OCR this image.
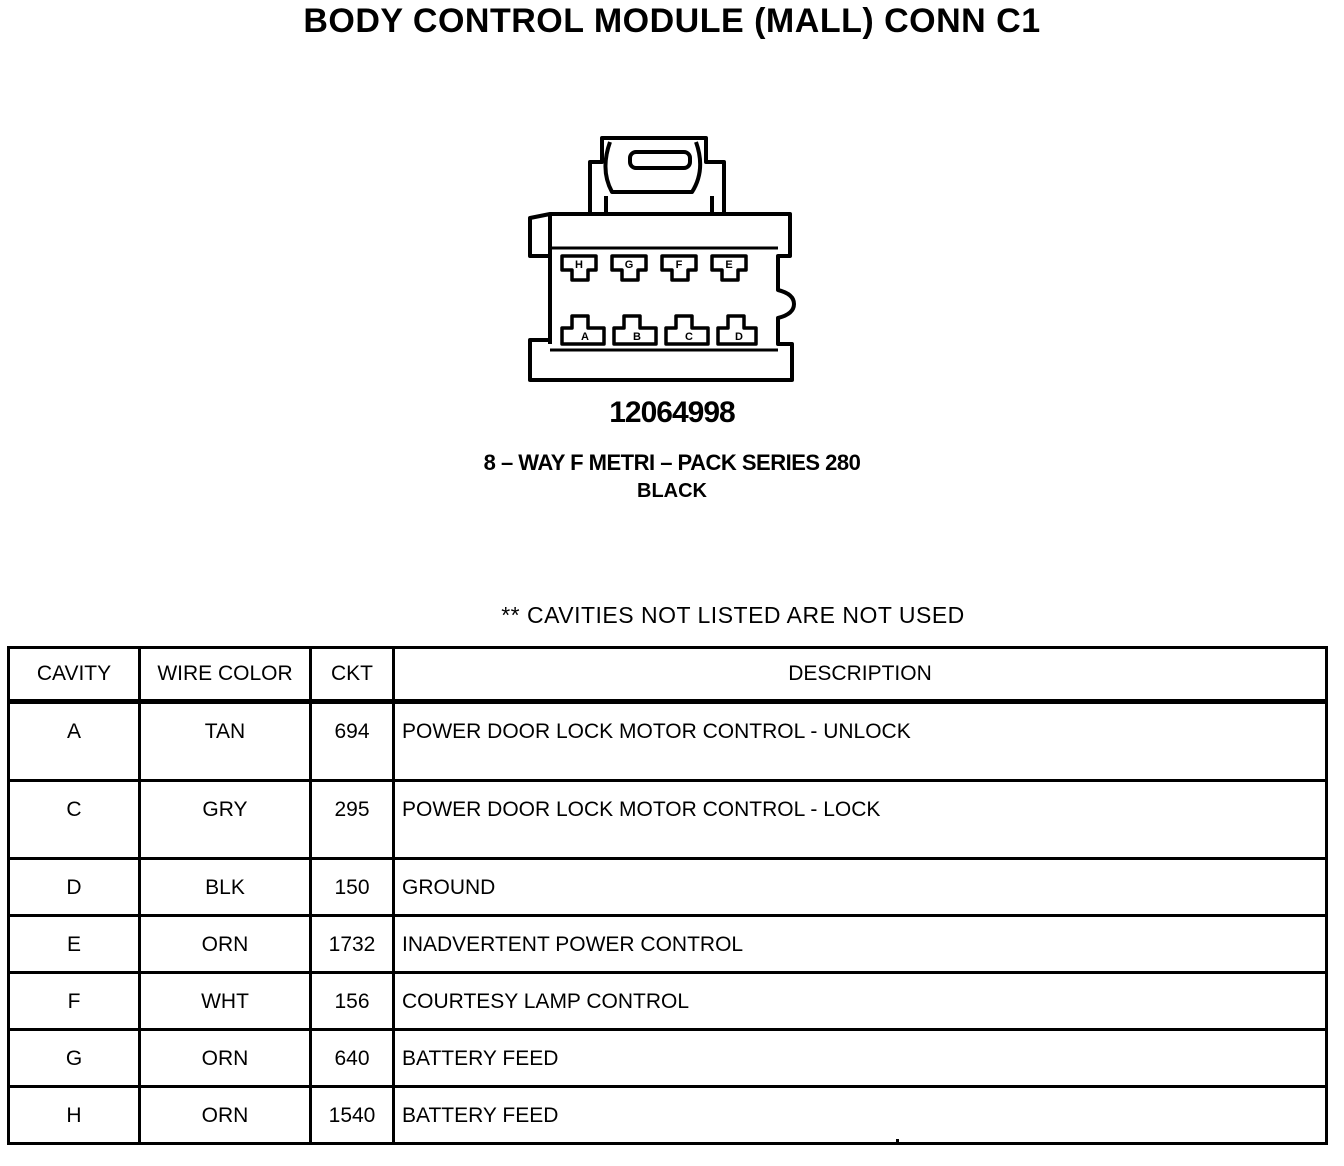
BODY CONTROL MODULE (MALL) CONN C1
H	G	F	E
A	B	C	D
12064998
8 – WAY F METRI – PACK SERIES 280
BLACK
** CAVITIES NOT LISTED ARE NOT USED
CAVITY	WIRE COLOR	CKT	DESCRIPTION
A	TAN	694	POWER DOOR LOCK MOTOR CONTROL - UNLOCK
C	GRY	295	POWER DOOR LOCK MOTOR CONTROL - LOCK
D	BLK	150	GROUND
E	ORN	1732	INADVERTENT POWER CONTROL
F	WHT	156	COURTESY LAMP CONTROL
G	ORN	640	BATTERY FEED
H	ORN	1540	BATTERY FEED
